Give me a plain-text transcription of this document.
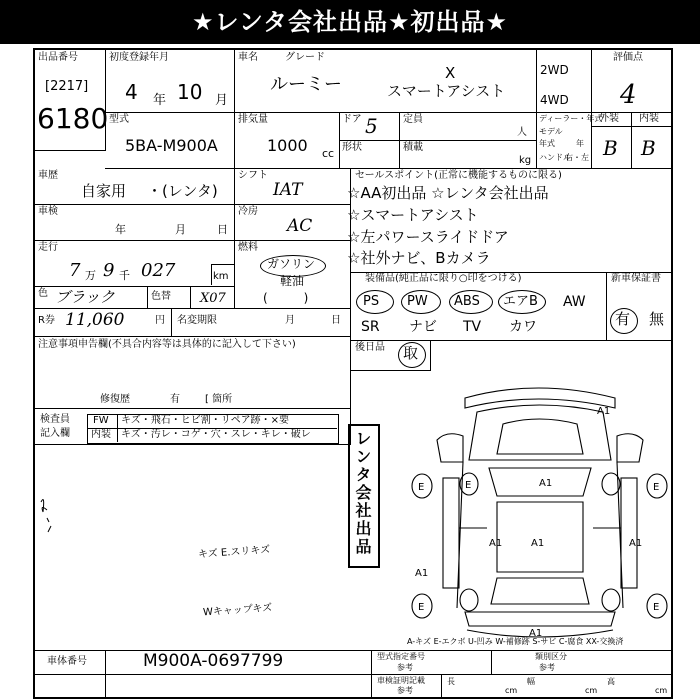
★レンタ会社出品★初出品★
出品番号
[2217]
6180
初度登録年月
4 年 10 月
車名
ルーミー
グレード
X
スマートアシスト
2WD
4WD
評価点
4
型式
5BA-M900A
排気量
1000 cc
ドア 5
形状
定員
人
積載
kg
ディーラー・年式
モデル
年式	年
ハンドル
右・左
外装 内装
B B
車歴
自家用 ・(レンタ)
シフト
IAT
車検
年	月	日
冷房
AC
走行
7 万 9 千 027	km
燃料
ガソリン
軽油
(　　　)
色 ブラック	色替 X07
R券 11,060	円 名変期限	月	日
セールスポイント(正常に機能するものに限る)
☆AA初出品 ☆レンタ会社出品
☆スマートアシスト
☆左パワースライドドア
☆社外ナビ、Bカメラ
装備品(純正品に限り○印をつける)
PS PW ABS エアB AW
SR ナビ TV カワ
新車保証書
有 無
注意事項申告欄(不具合内容等は具体的に記入して下さい)
修復歴	有	[ 箇所
後日品 取
検査員
記入欄
FW キズ・飛石・ヒビ割・リペア跡・×要
内装 キズ・汚レ・コゲ・穴・スレ・キレ・破レ	レンタ会社出品
キズ E.スリキズ
Wキャップキズ
A1
A1
A1
A1	A1
A1
A1
E	E
E	E
E
A-キズ E-エクボ U-凹み W-補修跡 S-サビ C-腐食 XX-交換済
車体番号	M900A-0697799	型式指定番号
参考
類別区分
参考
車検証明記載
参考
長
cm
幅
cm
高
cm
